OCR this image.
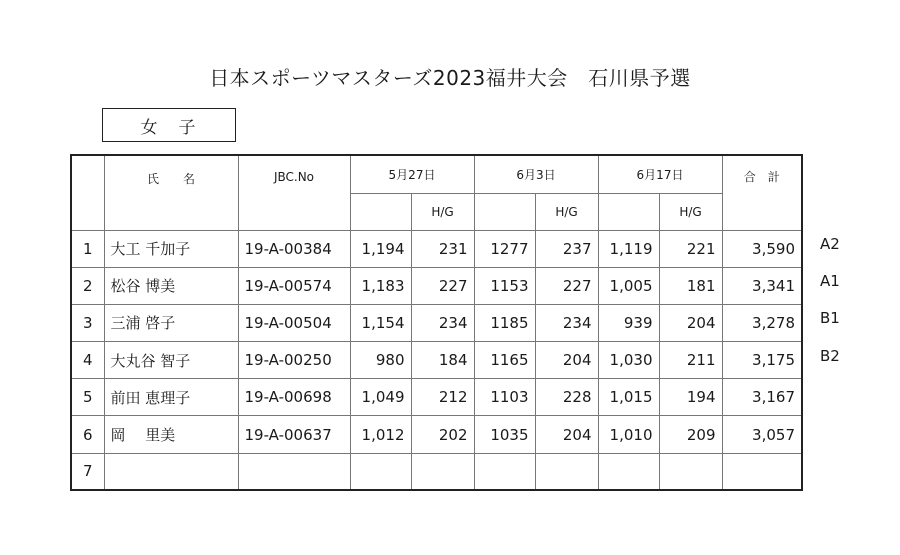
日本スポーツマスターズ2023福井大会　石川県予選
女　子
	氏　　名	JBC.No	5月27日		6月3日		6月17日		合　計
				H/G		H/G		H/G	
1	大工 千加子	19-A-00384	1,194	231	1277	237	1,119	221	3,590
2	松谷 博美	19-A-00574	1,183	227	1153	227	1,005	181	3,341
3	三浦 啓子	19-A-00504	1,154	234	1185	234	939	204	3,278
4	大丸谷 智子	19-A-00250	980	184	1165	204	1,030	211	3,175
5	前田 恵理子	19-A-00698	1,049	212	1103	228	1,015	194	3,167
6	岡　 里美	19-A-00637	1,012	202	1035	204	1,010	209	3,057
7									
A2
A1
B1
B2
